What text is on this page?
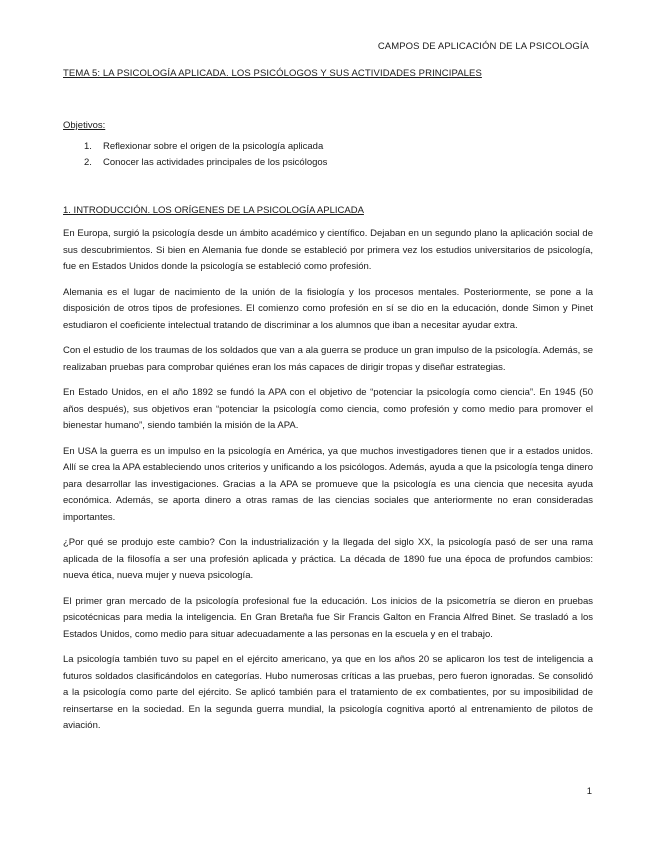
CAMPOS DE APLICACIÓN DE LA PSICOLOGÍA
TEMA 5: LA PSICOLOGÍA APLICADA. LOS PSICÓLOGOS Y SUS ACTIVIDADES PRINCIPALES
Objetivos:
1.	Reflexionar sobre el origen de la psicología aplicada
2.	Conocer las actividades principales de los psicólogos
1. INTRODUCCIÓN. LOS ORÍGENES DE LA PSICOLOGÍA APLICADA

En Europa, surgió la psicología desde un ámbito académico y científico. Dejaban en un segundo plano la aplicación social de sus descubrimientos. Si bien en Alemania fue donde se estableció por primera vez los estudios universitarios de psicología, fue en Estados Unidos donde la psicología se estableció como profesión.

Alemania es el lugar de nacimiento de la unión de la fisiología y los procesos mentales. Posteriormente, se pone a la disposición de otros tipos de profesiones. El comienzo como profesión en sí se dio en la educación, donde Simon y Pinet estudiaron el coeficiente intelectual tratando de discriminar a los alumnos que iban a necesitar ayudar extra.

Con el estudio de los traumas de los soldados que van a ala guerra se produce un gran impulso de la psicología. Además, se realizaban pruebas para comprobar quiénes eran los más capaces de dirigir tropas y diseñar estrategias.

En Estado Unidos, en el año 1892 se fundó la APA con el objetivo de “potenciar la psicología como ciencia”. En 1945 (50 años después), sus objetivos eran “potenciar la psicología como ciencia, como profesión y como medio para promover el bienestar humano”, siendo también la misión de la APA.

En USA la guerra es un impulso en la psicología en América, ya que muchos investigadores tienen que ir a estados unidos. Allí se crea la APA estableciendo unos criterios y unificando a los psicólogos. Además, ayuda a que la psicología tenga dinero para desarrollar las investigaciones. Gracias a la APA se promueve que la psicología es una ciencia que necesita ayuda económica. Además, se aporta dinero a otras ramas de las ciencias sociales que anteriormente no eran consideradas importantes.

¿Por qué se produjo este cambio? Con la industrialización y la llegada del siglo XX, la psicología pasó de ser una rama aplicada de la filosofía a ser una profesión aplicada y práctica. La década de 1890 fue una época de profundos cambios: nueva ética, nueva mujer y nueva psicología.

El primer gran mercado de la psicología profesional fue la educación. Los inicios de la psicometría se dieron en pruebas psicotécnicas para media la inteligencia. En Gran Bretaña fue Sir Francis Galton en Francia Alfred Binet. Se trasladó a los Estados Unidos, como medio para situar adecuadamente a las personas en la escuela y en el trabajo.

La psicología también tuvo su papel en el ejército americano, ya que en los años 20 se aplicaron los test de inteligencia a futuros soldados clasificándolos en categorías. Hubo numerosas críticas a las pruebas, pero fueron ignoradas. Se consolidó a la psicología como parte del ejército. Se aplicó también para el tratamiento de ex combatientes, por su imposibilidad de reinsertarse en la sociedad. En la segunda guerra mundial, la psicología cognitiva aportó al entrenamiento de pilotos de aviación.

1
